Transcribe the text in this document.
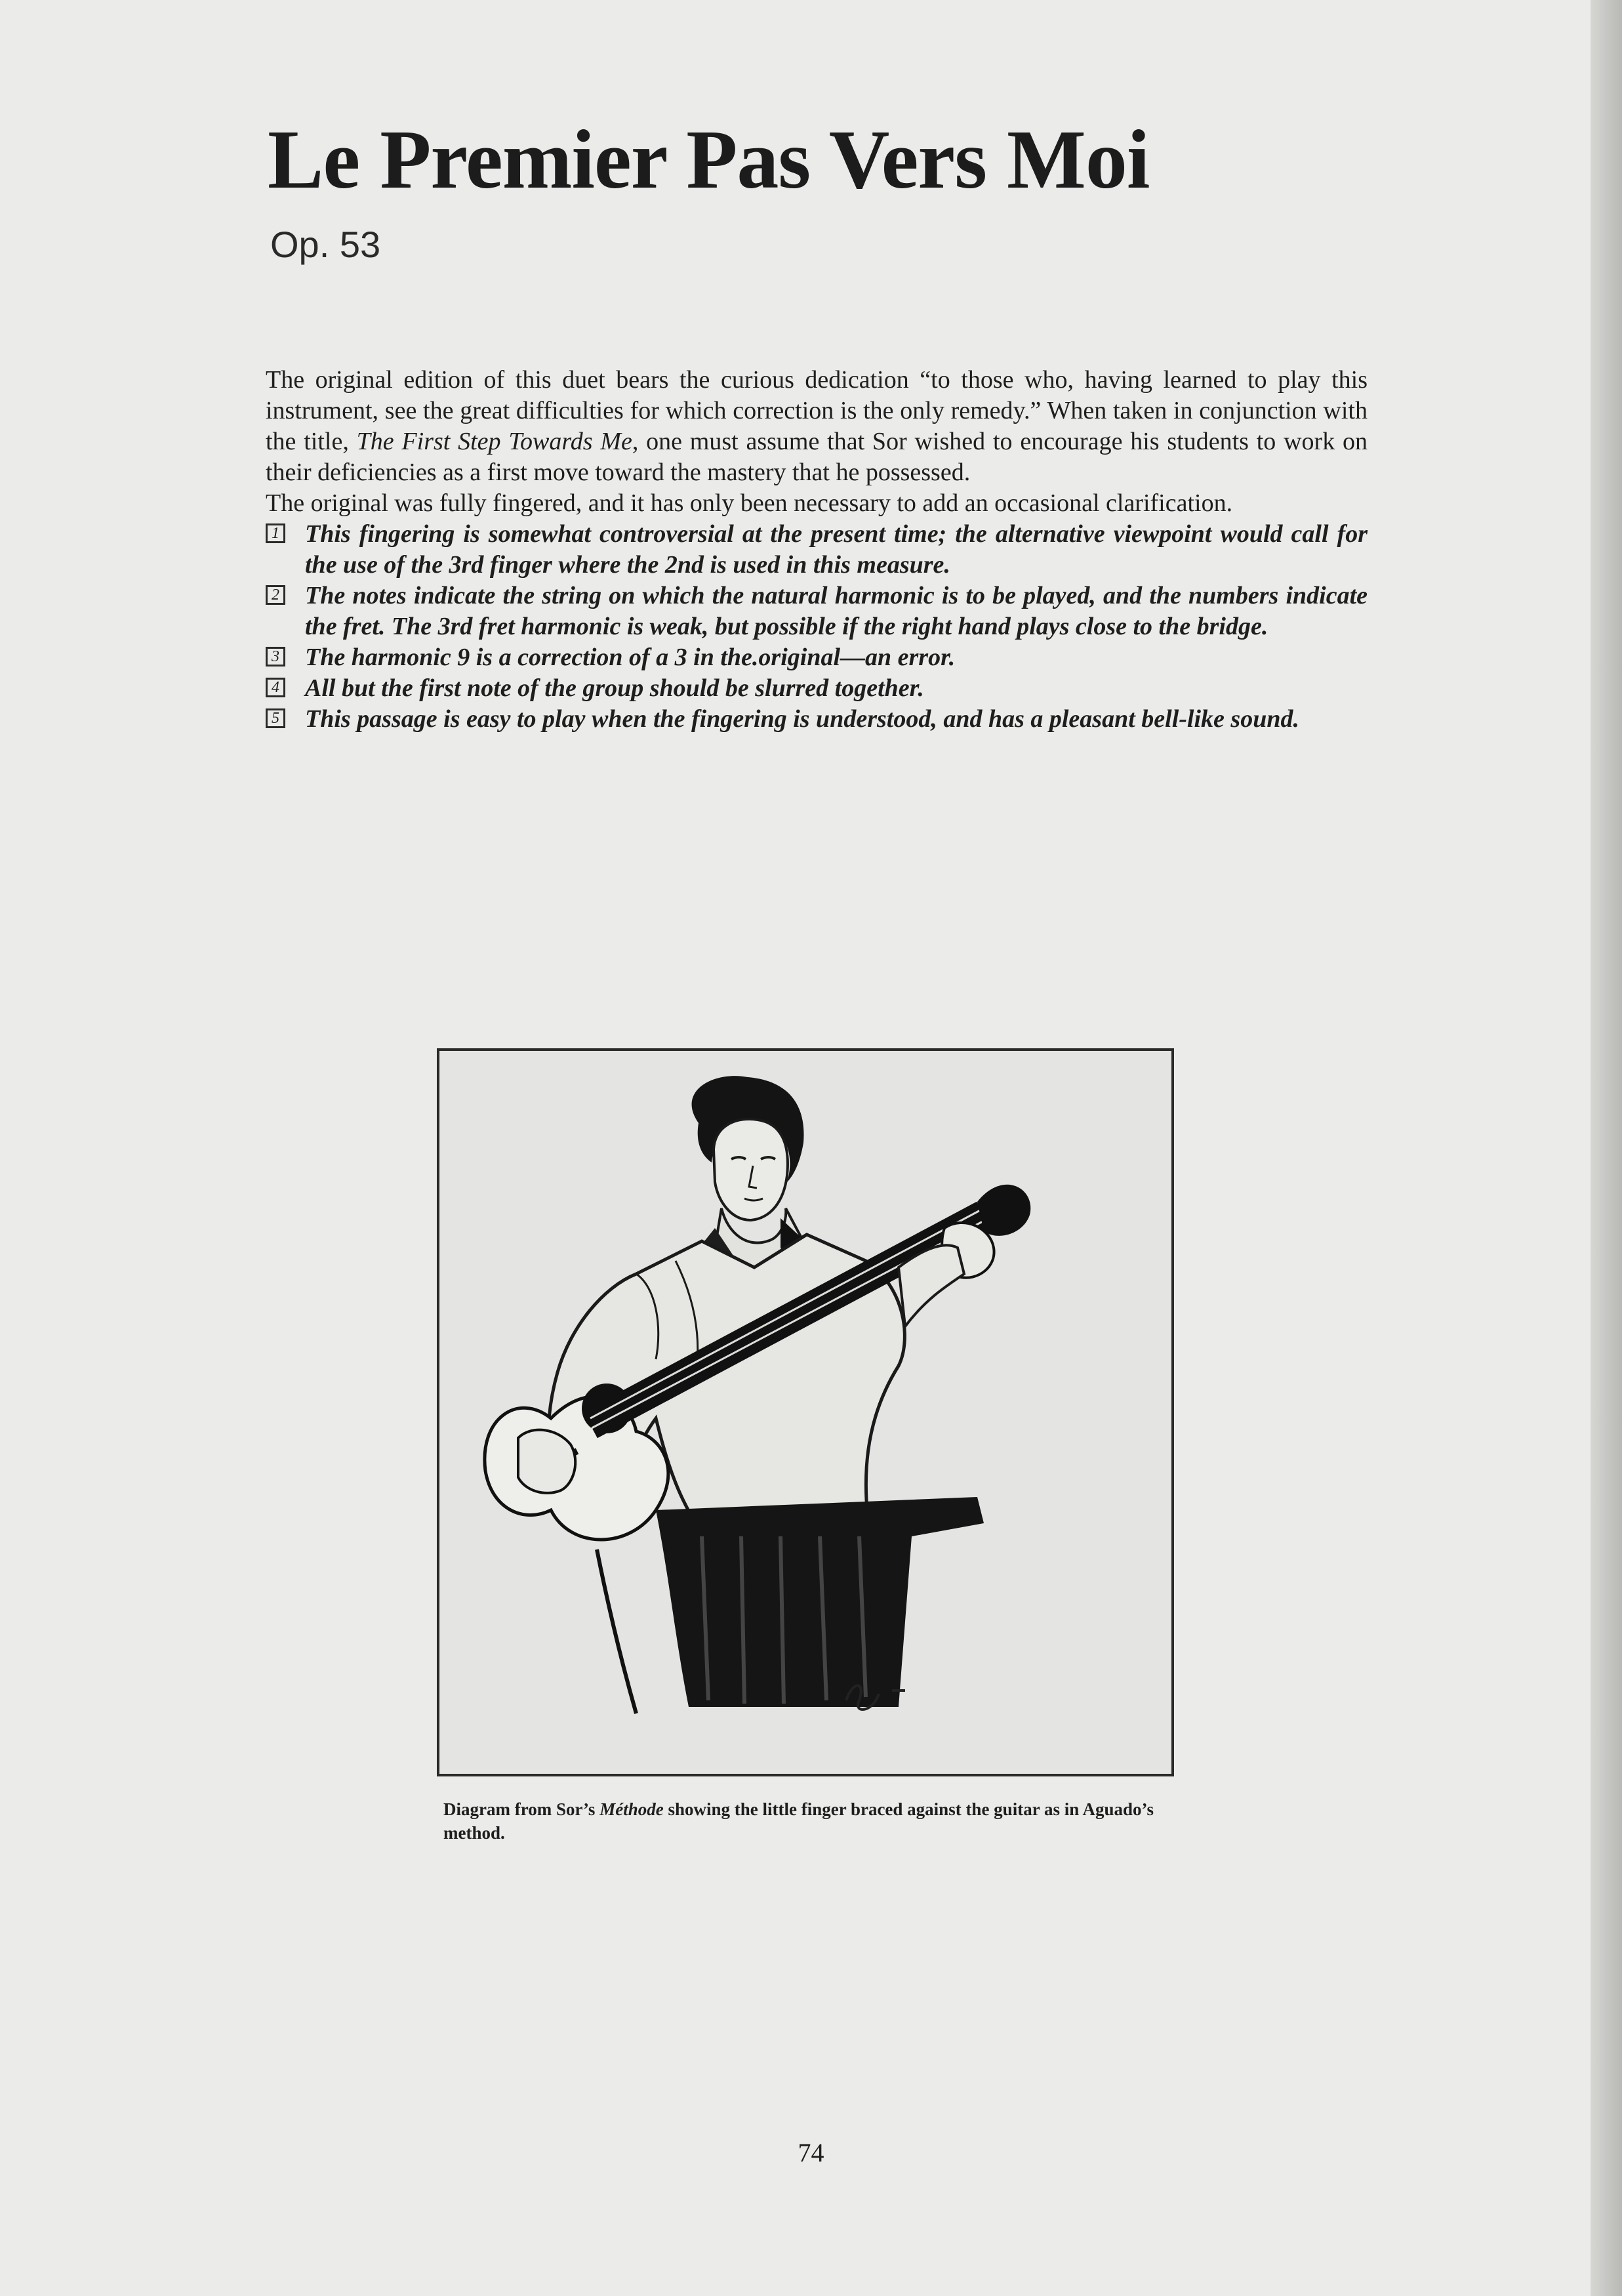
Le Premier Pas Vers Moi
Op. 53

The original edition of this duet bears the curious dedication “to those who, having learned to play this instrument, see the great difficulties for which correction is the only remedy.” When taken in conjunction with the title, The First Step Towards Me, one must assume that Sor wished to encourage his students to work on their deficiencies as a first move toward the mastery that he possessed.

The original was fully fingered, and it has only been necessary to add an occasional clarification.

1 This fingering is somewhat controversial at the present time; the alternative viewpoint would call for the use of the 3rd finger where the 2nd is used in this measure.
2 The notes indicate the string on which the natural harmonic is to be played, and the numbers indicate the fret. The 3rd fret harmonic is weak, but possible if the right hand plays close to the bridge.
3 The harmonic 9 is a correction of a 3 in the.original—an error.
4 All but the first note of the group should be slurred together.
5 This passage is easy to play when the fingering is understood, and has a pleasant bell-like sound.
Diagram from Sor’s Méthode showing the little finger braced against the guitar as in Aguado’s method.
74
